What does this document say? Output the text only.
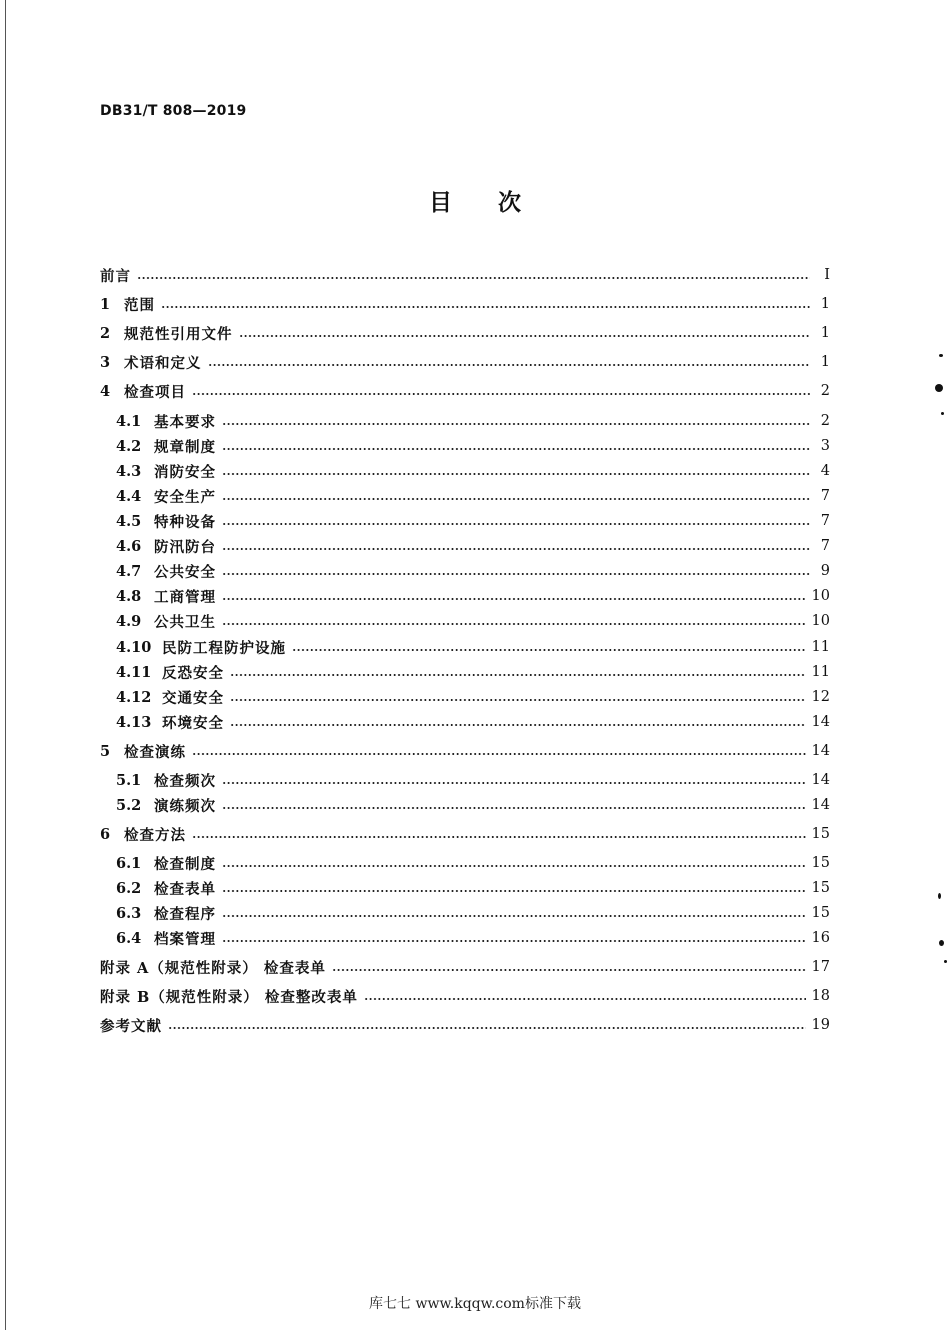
DB31/T 808—2019
目次
前言	I
1 范围	1
2 规范性引用文件	1
3 术语和定义	1
4 检查项目	2
4.1 基本要求	2
4.2 规章制度	3
4.3 消防安全	4
4.4 安全生产	7
4.5 特种设备	7
4.6 防汛防台	7
4.7 公共安全	9
4.8 工商管理	10
4.9 公共卫生	10
4.10 民防工程防护设施	11
4.11 反恐安全	11
4.12 交通安全	12
4.13 环境安全	14
5 检查演练	14
5.1 检查频次	14
5.2 演练频次	14
6 检查方法	15
6.1 检查制度	15
6.2 检查表单	15
6.3 检查程序	15
6.4 档案管理	16
附录 A（规范性附录） 检查表单	17
附录 B（规范性附录） 检查整改表单	18
参考文献	19
库七七 www.kqqw.com标准下载
